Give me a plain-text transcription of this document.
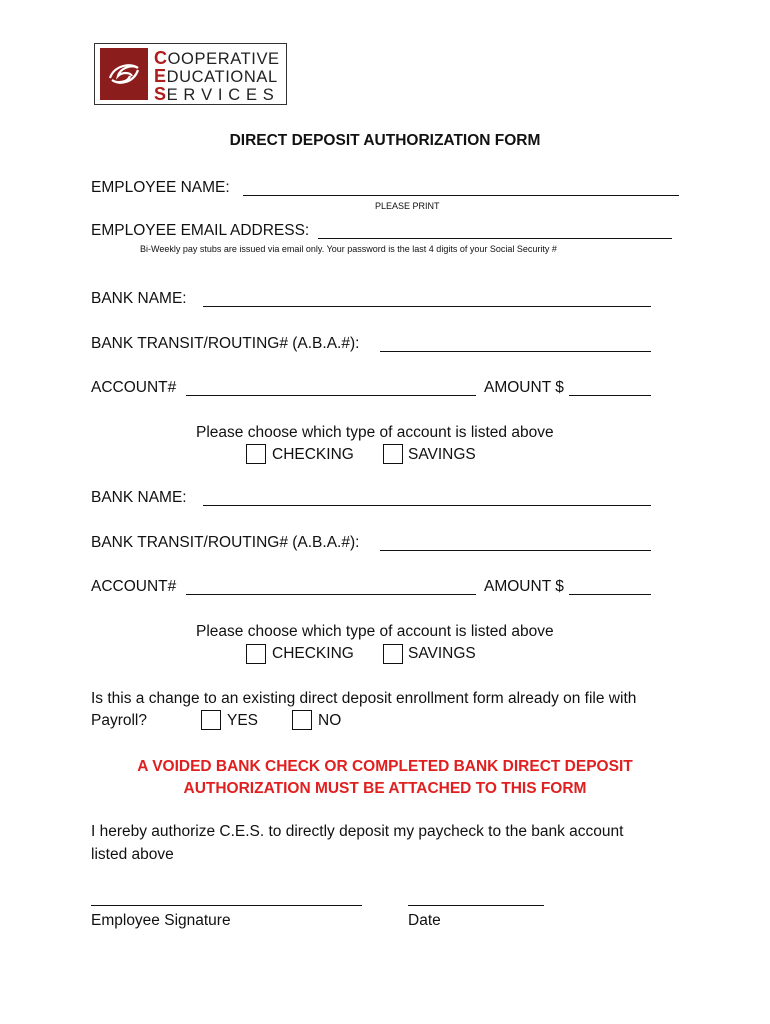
COOPERATIVE
EDUCATIONAL
SE R V I C E S
DIRECT DEPOSIT AUTHORIZATION FORM
EMPLOYEE NAME:
PLEASE PRINT
EMPLOYEE EMAIL ADDRESS:
Bi-Weekly pay stubs are issued via email only. Your password is the last 4 digits of your Social Security #
BANK NAME:
BANK TRANSIT/ROUTING# (A.B.A.#):
ACCOUNT#	AMOUNT $
Please choose which type of account is listed above
CHECKING	SAVINGS
BANK NAME:
BANK TRANSIT/ROUTING# (A.B.A.#):
ACCOUNT#	AMOUNT $
Please choose which type of account is listed above
CHECKING	SAVINGS
Is this a change to an existing direct deposit enrollment form already on file with
Payroll?	YES	NO
A VOIDED BANK CHECK OR COMPLETED BANK DIRECT DEPOSIT
AUTHORIZATION MUST BE ATTACHED TO THIS FORM
I hereby authorize C.E.S. to directly deposit my paycheck to the bank account
listed above
Employee Signature	Date
